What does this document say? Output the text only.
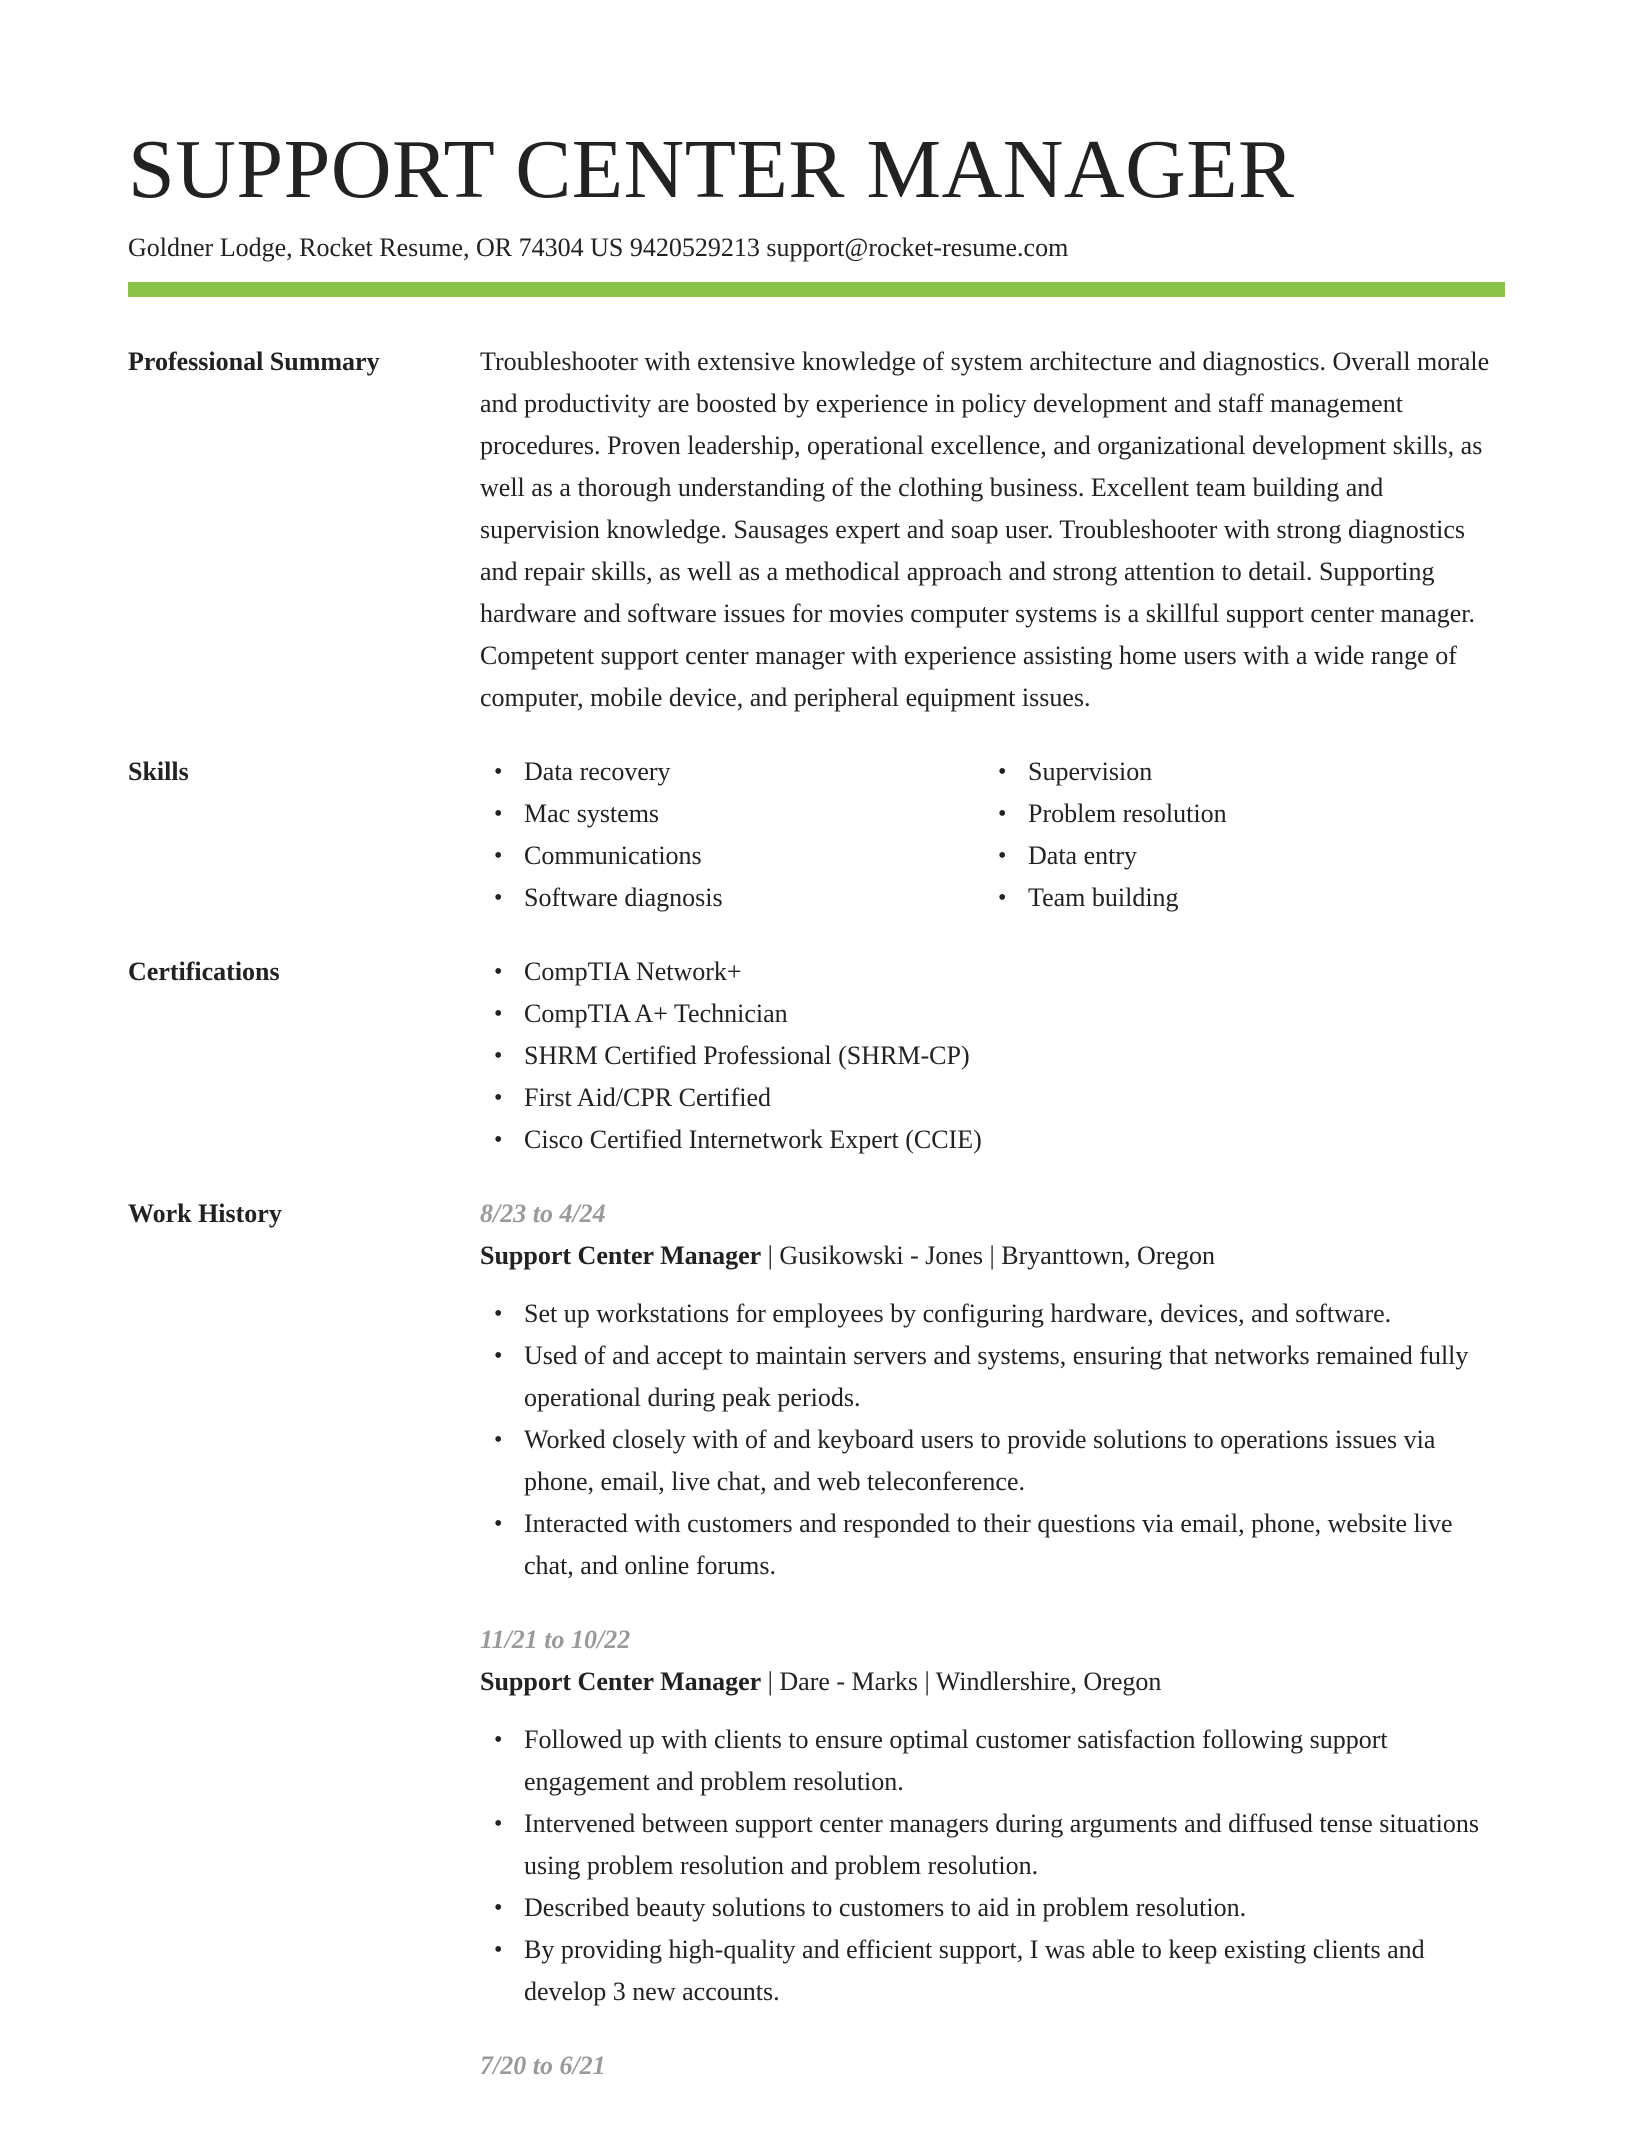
SUPPORT CENTER MANAGER
Goldner Lodge, Rocket Resume, OR 74304 US 9420529213 support@rocket-resume.com
Professional Summary	Troubleshooter with extensive knowledge of system architecture and diagnostics. Overall morale and productivity are boosted by experience in policy development and staff management procedures. Proven leadership, operational excellence, and organizational development skills, as well as a thorough understanding of the clothing business. Excellent team building and supervision knowledge. Sausages expert and soap user. Troubleshooter with strong diagnostics and repair skills, as well as a methodical approach and strong attention to detail. Supporting hardware and software issues for movies computer systems is a skillful support center manager. Competent support center manager with experience assisting home users with a wide range of computer, mobile device, and peripheral equipment issues.

Skills	• Data recovery
• Mac systems
• Communications
• Software diagnosis
• Supervision
• Problem resolution
• Data entry
• Team building
Certifications	• CompTIA Network+
• CompTIA A+ Technician
• SHRM Certified Professional (SHRM-CP)
• First Aid/CPR Certified
• Cisco Certified Internetwork Expert (CCIE)
Work History	8/23 to 4/24
Support Center Manager | Gusikowski - Jones | Bryanttown, Oregon
• Set up workstations for employees by configuring hardware, devices, and software.
• Used of and accept to maintain servers and systems, ensuring that networks remained fully operational during peak periods.
• Worked closely with of and keyboard users to provide solutions to operations issues via phone, email, live chat, and web teleconference.
• Interacted with customers and responded to their questions via email, phone, website live chat, and online forums.
11/21 to 10/22
Support Center Manager | Dare - Marks | Windlershire, Oregon
• Followed up with clients to ensure optimal customer satisfaction following support engagement and problem resolution.
• Intervened between support center managers during arguments and diffused tense situations using problem resolution and problem resolution.
• Described beauty solutions to customers to aid in problem resolution.
• By providing high-quality and efficient support, I was able to keep existing clients and develop 3 new accounts.
7/20 to 6/21
